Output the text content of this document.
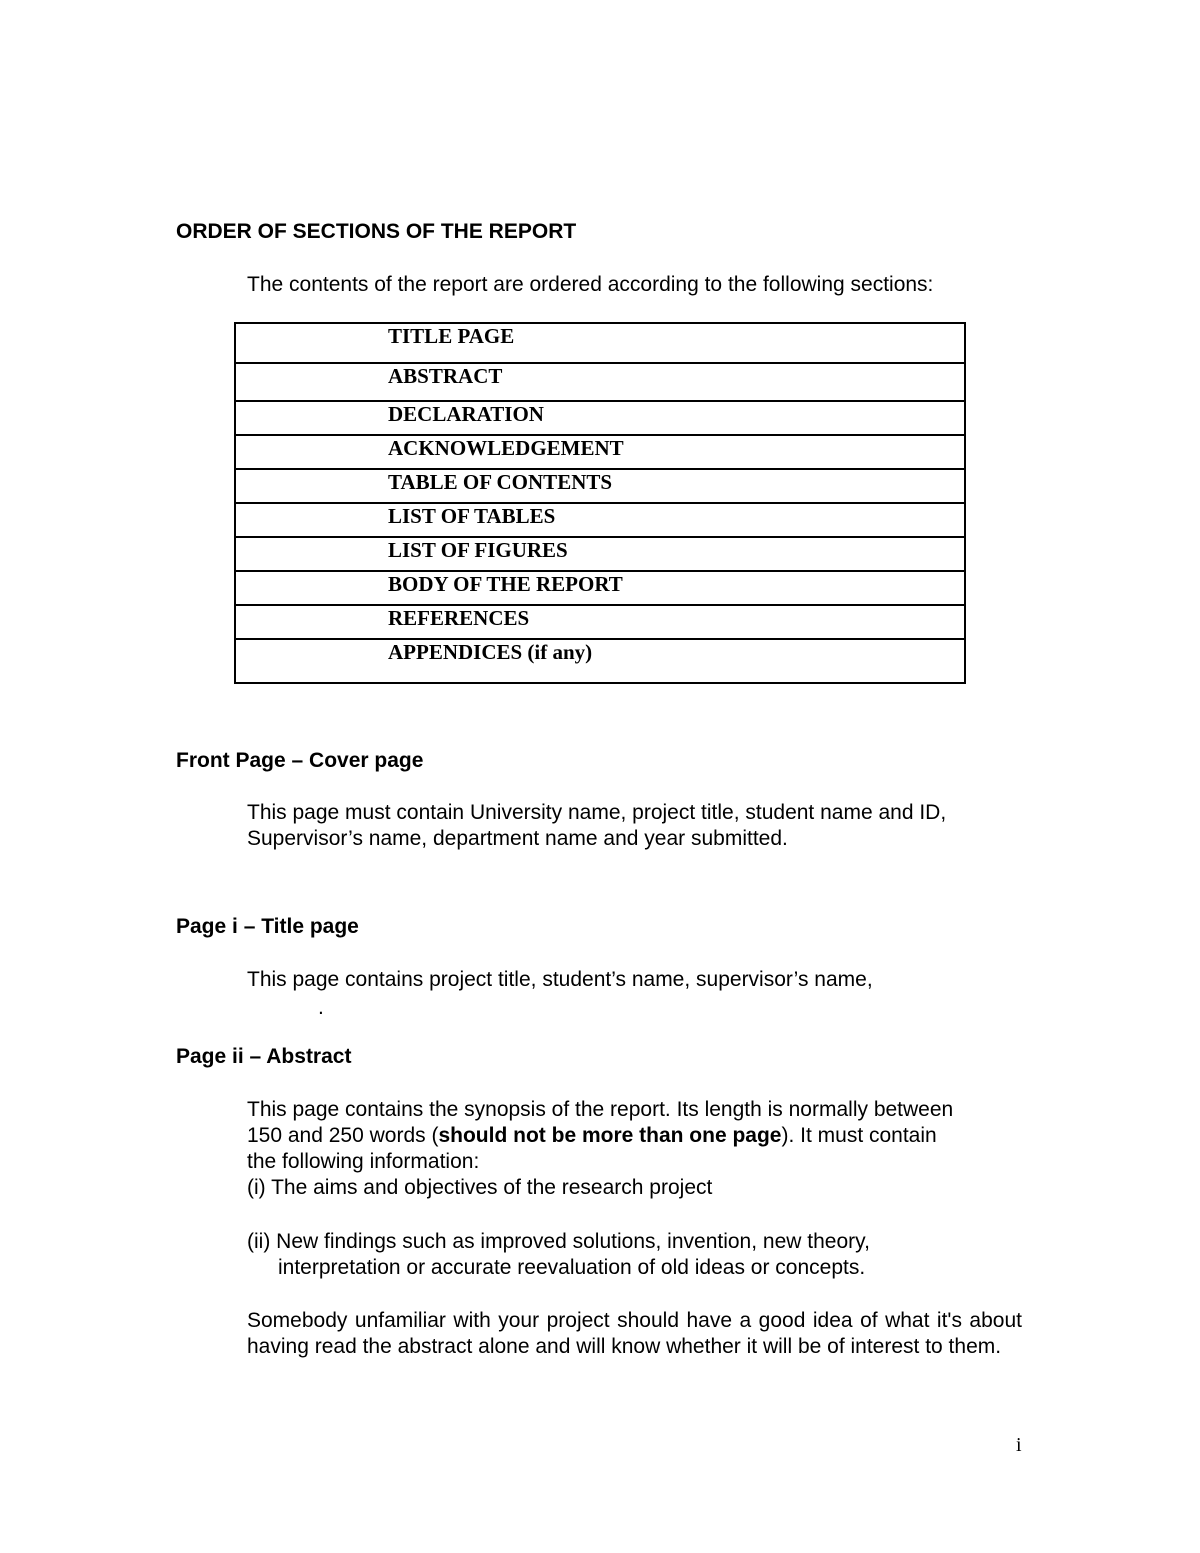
ORDER OF SECTIONS OF THE REPORT
The contents of the report are ordered according to the following sections:
TITLE PAGE
ABSTRACT
DECLARATION
ACKNOWLEDGEMENT
TABLE OF CONTENTS
LIST OF TABLES
LIST OF FIGURES
BODY OF THE REPORT
REFERENCES
APPENDICES (if any)
Front Page – Cover page
This page must contain University name, project title, student name and ID,
Supervisor’s name, department name and year submitted.
Page i – Title page
This page contains project title, student’s name, supervisor’s name,
.
Page ii – Abstract
This page contains the synopsis of the report. Its length is normally between
150 and 250 words (should not be more than one page). It must contain
the following information:
(i) The aims and objectives of the research project
(ii) New findings such as improved solutions, invention, new theory,
interpretation or accurate reevaluation of old ideas or concepts.
Somebody unfamiliar with your project should have a good idea of what it's about having read the abstract alone and will know whether it will be of interest to them.
i
